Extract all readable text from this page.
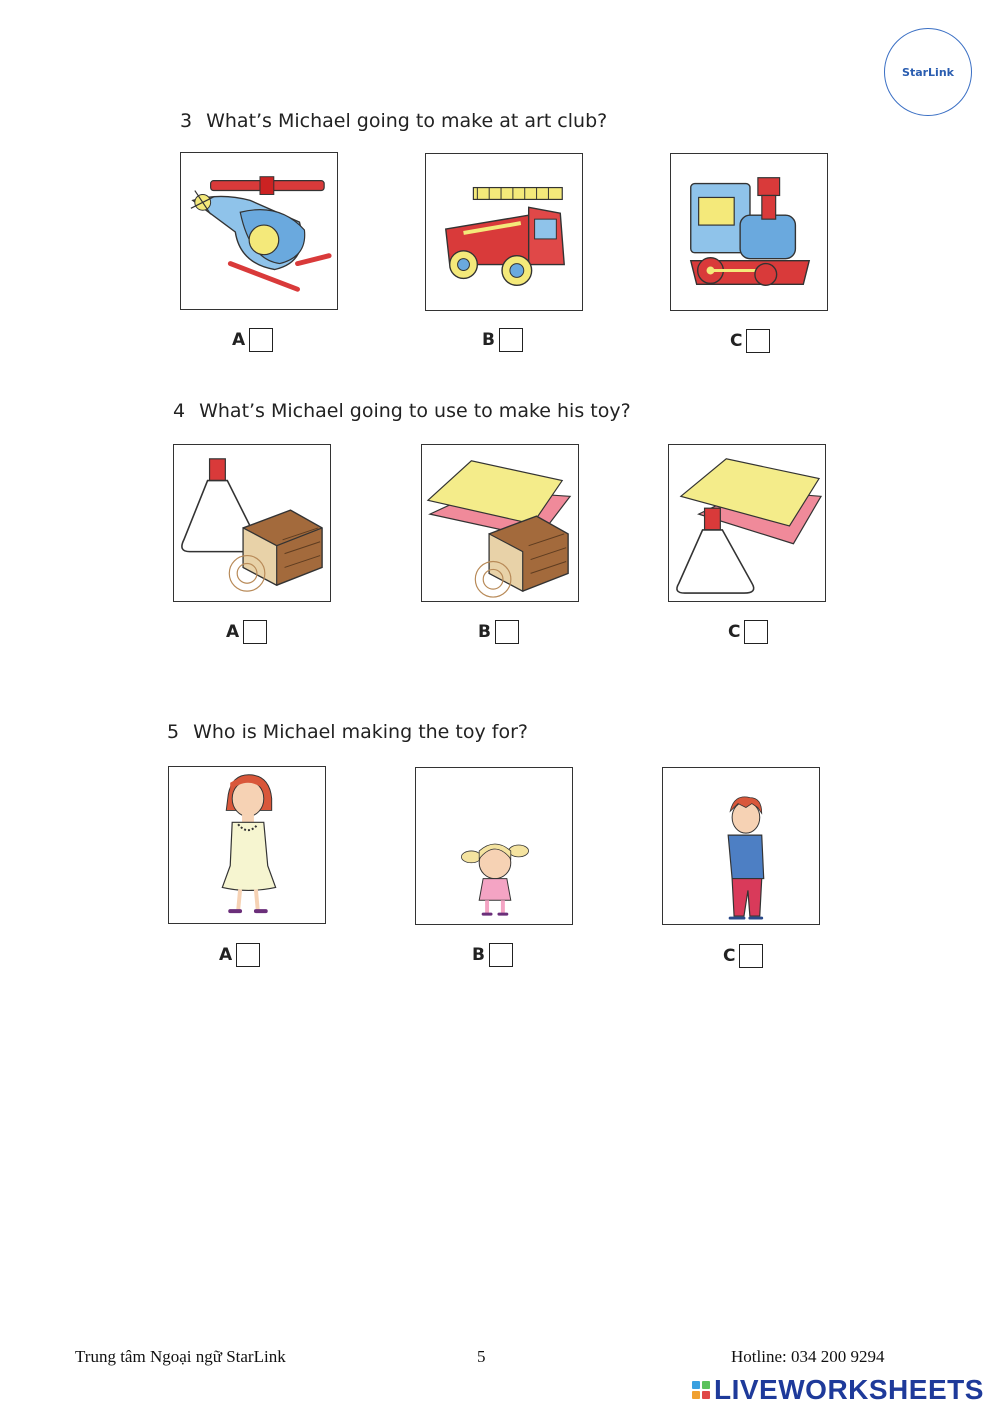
StarLink
3 What’s Michael going to make at art club?
A	B	C
4 What’s Michael going to use to make his toy?
A	B	C
5 Who is Michael making the toy for?
A	B	C
Trung tâm Ngoại ngữ StarLink	5	Hotline: 034 200 9294
LIVEWORKSHEETS
